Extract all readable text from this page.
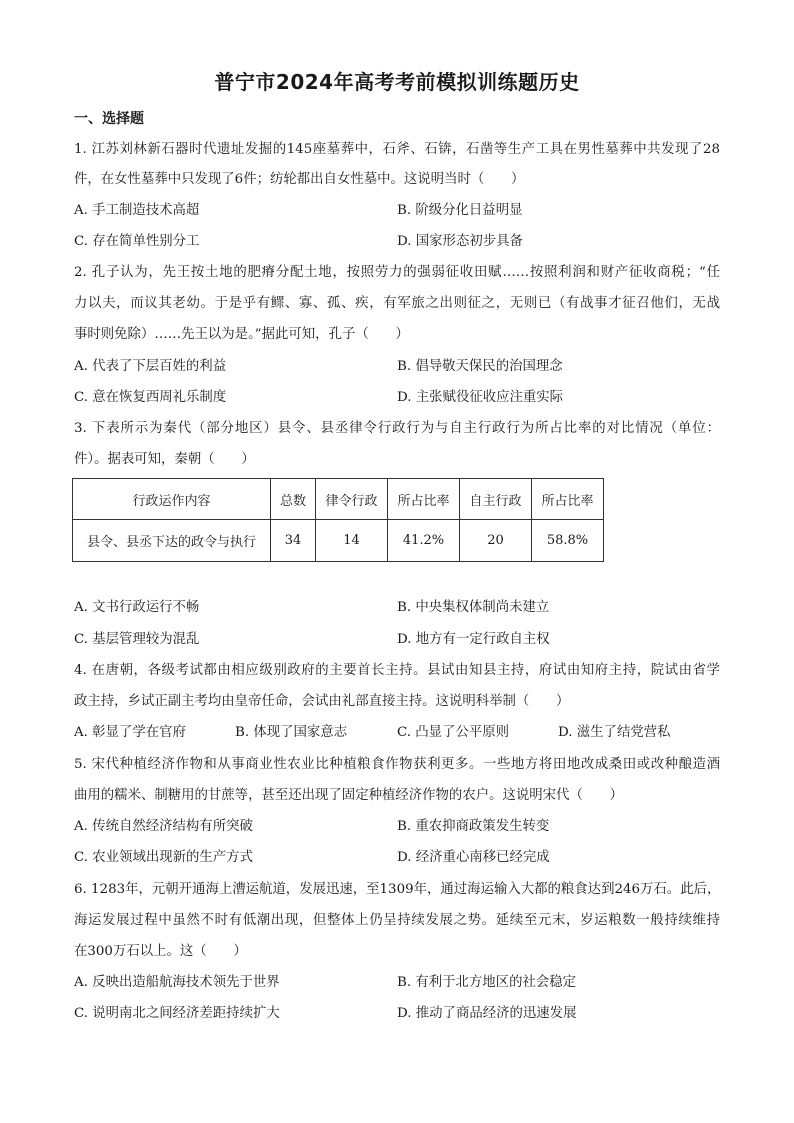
普宁市2024年高考考前模拟训练题历史
一、选择题
1. 江苏刘林新石器时代遗址发掘的145座墓葬中，石斧、石锛，石凿等生产工具在男性墓葬中共发现了28
件，在女性墓葬中只发现了6件；纺轮都出自女性墓中。这说明当时（　　）
A. 手工制造技术高超	B. 阶级分化日益明显
C. 存在简单性别分工	D. 国家形态初步具备
2. 孔子认为，先王按土地的肥瘠分配土地，按照劳力的强弱征收田赋……按照利润和财产征收商税；“任
力以夫，而议其老幼。于是乎有鳏、寡、孤、疾，有军旅之出则征之，无则已（有战事才征召他们，无战
事时则免除）……先王以为是。”据此可知，孔子（　　）
A. 代表了下层百姓的利益	B. 倡导敬天保民的治国理念
C. 意在恢复西周礼乐制度	D. 主张赋役征收应注重实际
3. 下表所示为秦代（部分地区）县令、县丞律令行政行为与自主行政行为所占比率的对比情况（单位：
件）。据表可知，秦朝（　　）
行政运作内容	总数	律令行政	所占比率	自主行政	所占比率
县令、县丞下达的政令与执行	34	14	41.2%	20	58.8%
A. 文书行政运行不畅	B. 中央集权体制尚未建立
C. 基层管理较为混乱	D. 地方有一定行政自主权
4. 在唐朝，各级考试都由相应级别政府的主要首长主持。县试由知县主持，府试由知府主持，院试由省学
政主持，乡试正副主考均由皇帝任命，会试由礼部直接主持。这说明科举制（　　）
A. 彰显了学在官府	B. 体现了国家意志	C. 凸显了公平原则	D. 滋生了结党营私
5. 宋代种植经济作物和从事商业性农业比种植粮食作物获利更多。一些地方将田地改成桑田或改种酿造酒
曲用的糯米、制糖用的甘蔗等，甚至还出现了固定种植经济作物的农户。这说明宋代（　　）
A. 传统自然经济结构有所突破	B. 重农抑商政策发生转变
C. 农业领域出现新的生产方式	D. 经济重心南移已经完成
6. 1283年，元朝开通海上漕运航道，发展迅速，至1309年，通过海运输入大都的粮食达到246万石。此后，
海运发展过程中虽然不时有低潮出现，但整体上仍呈持续发展之势。延续至元末，岁运粮数一般持续维持
在300万石以上。这（　　）
A. 反映出造船航海技术领先于世界	B. 有利于北方地区的社会稳定
C. 说明南北之间经济差距持续扩大	D. 推动了商品经济的迅速发展
